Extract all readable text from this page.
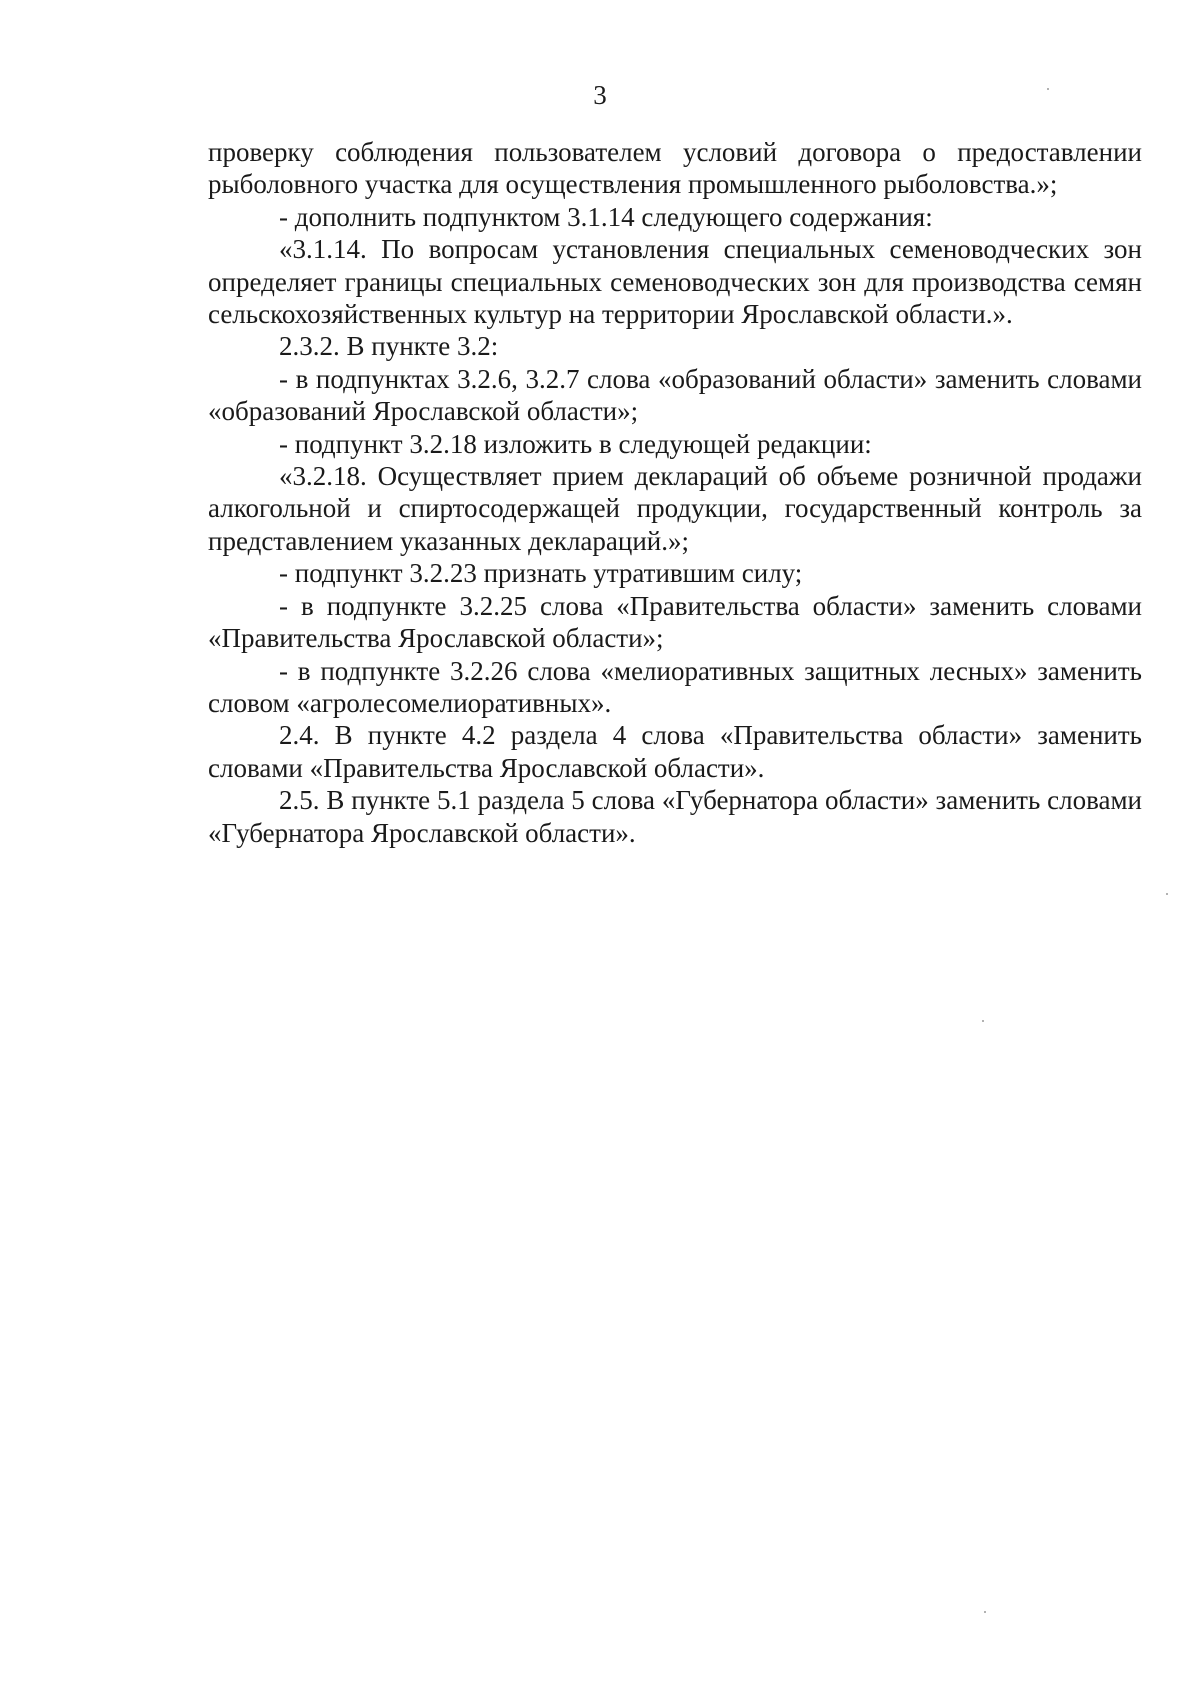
3

проверку соблюдения пользователем условий договора о предоставлении рыболовного участка для осуществления промышленного рыболовства.»;

- дополнить подпунктом 3.1.14 следующего содержания:

«3.1.14. По вопросам установления специальных семеноводческих зон определяет границы специальных семеноводческих зон для производства семян сельскохозяйственных культур на территории Ярославской области.».

2.3.2. В пункте 3.2:

- в подпунктах 3.2.6, 3.2.7 слова «образований области» заменить словами «образований Ярославской области»;

- подпункт 3.2.18 изложить в следующей редакции:

«3.2.18. Осуществляет прием деклараций об объеме розничной продажи алкогольной и спиртосодержащей продукции, государственный контроль за представлением указанных деклараций.»;

- подпункт 3.2.23 признать утратившим силу;

- в подпункте 3.2.25 слова «Правительства области» заменить словами «Правительства Ярославской области»;

- в подпункте 3.2.26 слова «мелиоративных защитных лесных» заменить словом «агролесомелиоративных».

2.4. В пункте 4.2 раздела 4 слова «Правительства области» заменить словами «Правительства Ярославской области».

2.5. В пункте 5.1 раздела 5 слова «Губернатора области» заменить словами «Губернатора Ярославской области».
